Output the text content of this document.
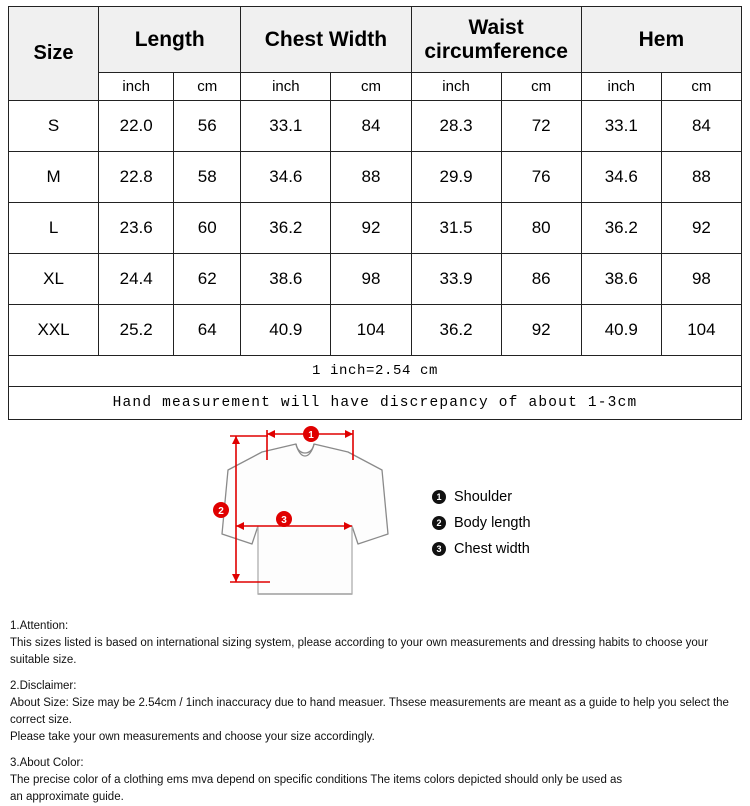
Size	Length		Chest Width		Waist circumference		Hem	
	inch	cm	inch	cm	inch	cm	inch	cm
S	22.0	56	33.1	84	28.3	72	33.1	84
M	22.8	58	34.6	88	29.9	76	34.6	88
L	23.6	60	36.2	92	31.5	80	36.2	92
XL	24.4	62	38.6	98	33.9	86	38.6	98
XXL	25.2	64	40.9	104	36.2	92	40.9	104
1 inch=2.54 cm								
Hand measurement will have discrepancy of about 1-3cm								
1
2
3
1 Shoulder
2 Body length
3 Chest width
1.Attention:
This sizes listed is based on international sizing system, please according to your own measurements and dressing habits to choose your suitable size.
2.Disclaimer:
About Size: Size may be 2.54cm / 1inch inaccuracy due to hand measuer. Thsese measurements are meant as a guide to help you select the correct size.
Please take your own measurements and choose your size accordingly.
3.About Color:
The precise color of a clothing ems mva depend on specific conditions The items colors depicted should only be used as
an approximate guide.
